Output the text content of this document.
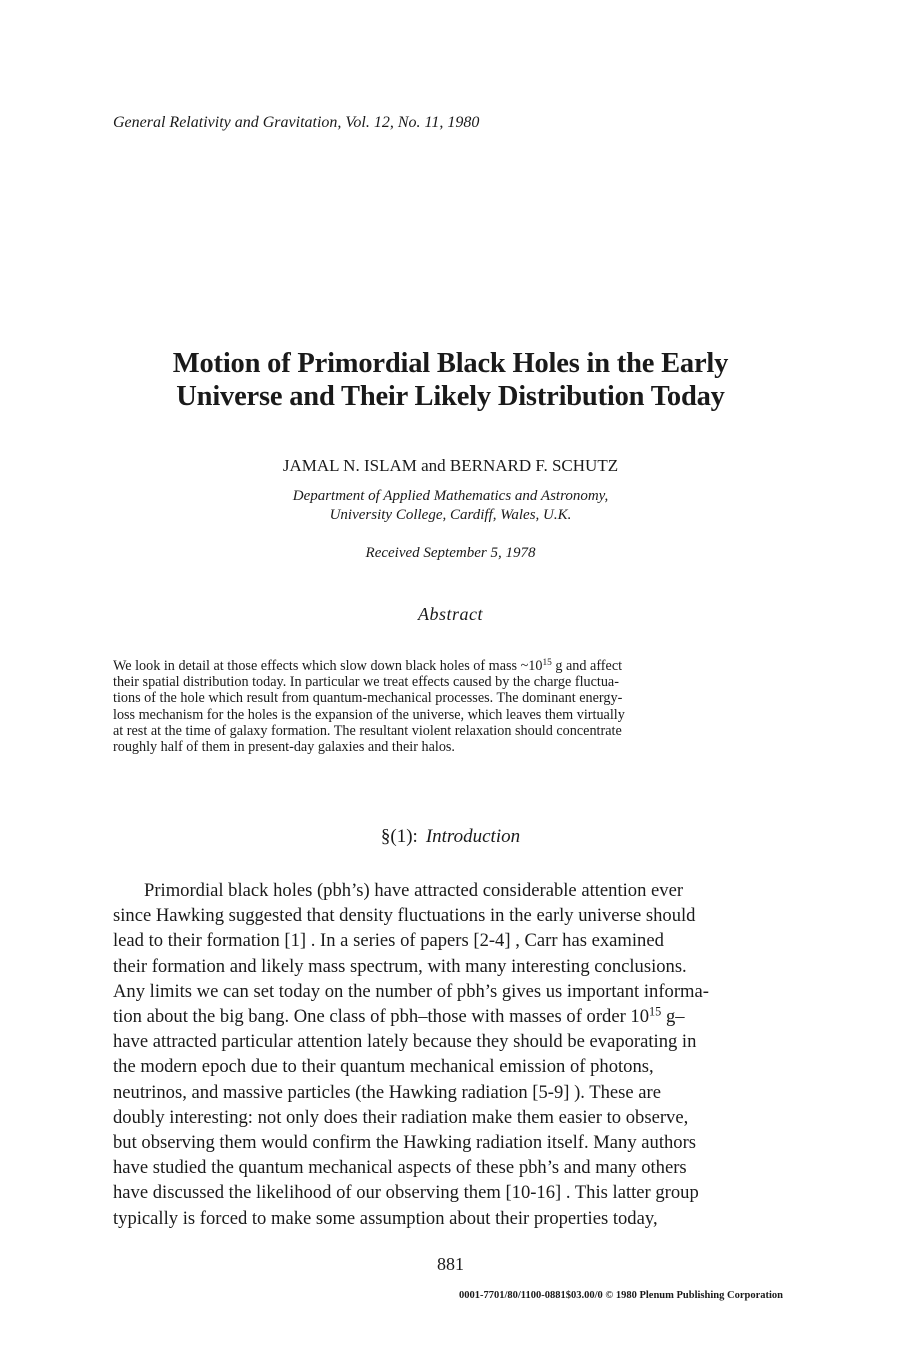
General Relativity and Gravitation, Vol. 12, No. 11, 1980
Motion of Primordial Black Holes in the Early
Universe and Their Likely Distribution Today
JAMAL N. ISLAM and BERNARD F. SCHUTZ
Department of Applied Mathematics and Astronomy,
University College, Cardiff, Wales, U.K.
Received September 5, 1978
Abstract
We look in detail at those effects which slow down black holes of mass $\sim 10^{15}$ g and affect
their spatial distribution today. In particular we treat effects caused by the charge fluctua-
tions of the hole which result from quantum-mechanical processes. The dominant energy-
loss mechanism for the holes is the expansion of the universe, which leaves them virtually
at rest at the time of galaxy formation. The resultant violent relaxation should concentrate
roughly half of them in present-day galaxies and their halos.
§(1): Introduction
Primordial black holes (pbh’s) have attracted considerable attention ever
since Hawking suggested that density fluctuations in the early universe should
lead to their formation [1] . In a series of papers [2-4] , Carr has examined
their formation and likely mass spectrum, with many interesting conclusions.
Any limits we can set today on the number of pbh’s gives us important informa-
tion about the big bang. One class of pbh–those with masses of order $10^{15}$ g–
have attracted particular attention lately because they should be evaporating in
the modern epoch due to their quantum mechanical emission of photons,
neutrinos, and massive particles (the Hawking radiation [5-9] ). These are
doubly interesting: not only does their radiation make them easier to observe,
but observing them would confirm the Hawking radiation itself. Many authors
have studied the quantum mechanical aspects of these pbh’s and many others
have discussed the likelihood of our observing them [10-16] . This latter group
typically is forced to make some assumption about their properties today,
881
0001-7701/80/1100-0881$03.00/0 © 1980 Plenum Publishing Corporation
